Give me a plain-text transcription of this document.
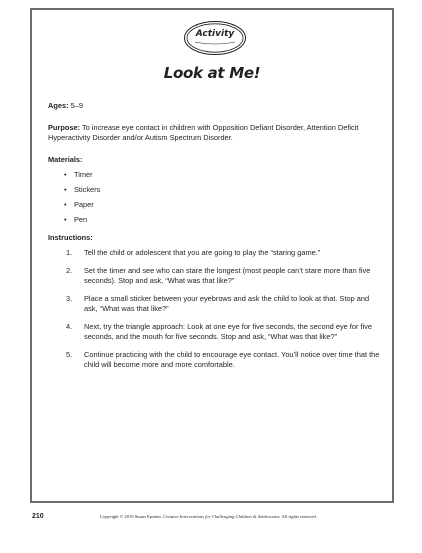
Activity
Look at Me!

Ages: 5–9

Purpose: To increase eye contact in children with Opposition Defiant Disorder, Attention Deficit Hyperactivity Disorder and/or Autism Spectrum Disorder.

Materials:
• Timer
• Stickers
• Paper
• Pen
Instructions:
1. Tell the child or adolescent that you are going to play the “staring game.”
2. Set the timer and see who can stare the longest (most people can’t stare more than five seconds). Stop and ask, “What was that like?”
3. Place a small sticker between your eyebrows and ask the child to look at that. Stop and ask, “What was that like?”
4. Next, try the triangle approach: Look at one eye for five seconds, the second eye for five seconds, and the mouth for five seconds. Stop and ask, “What was that like?”
5. Continue practicing with the child to encourage eye contact. You’ll notice over time that the child will become more and more comfortable.
210	Copyright © 2019 Susan Epstein. Creative Interventions for Challenging Children & Adolescents. All rights reserved.
